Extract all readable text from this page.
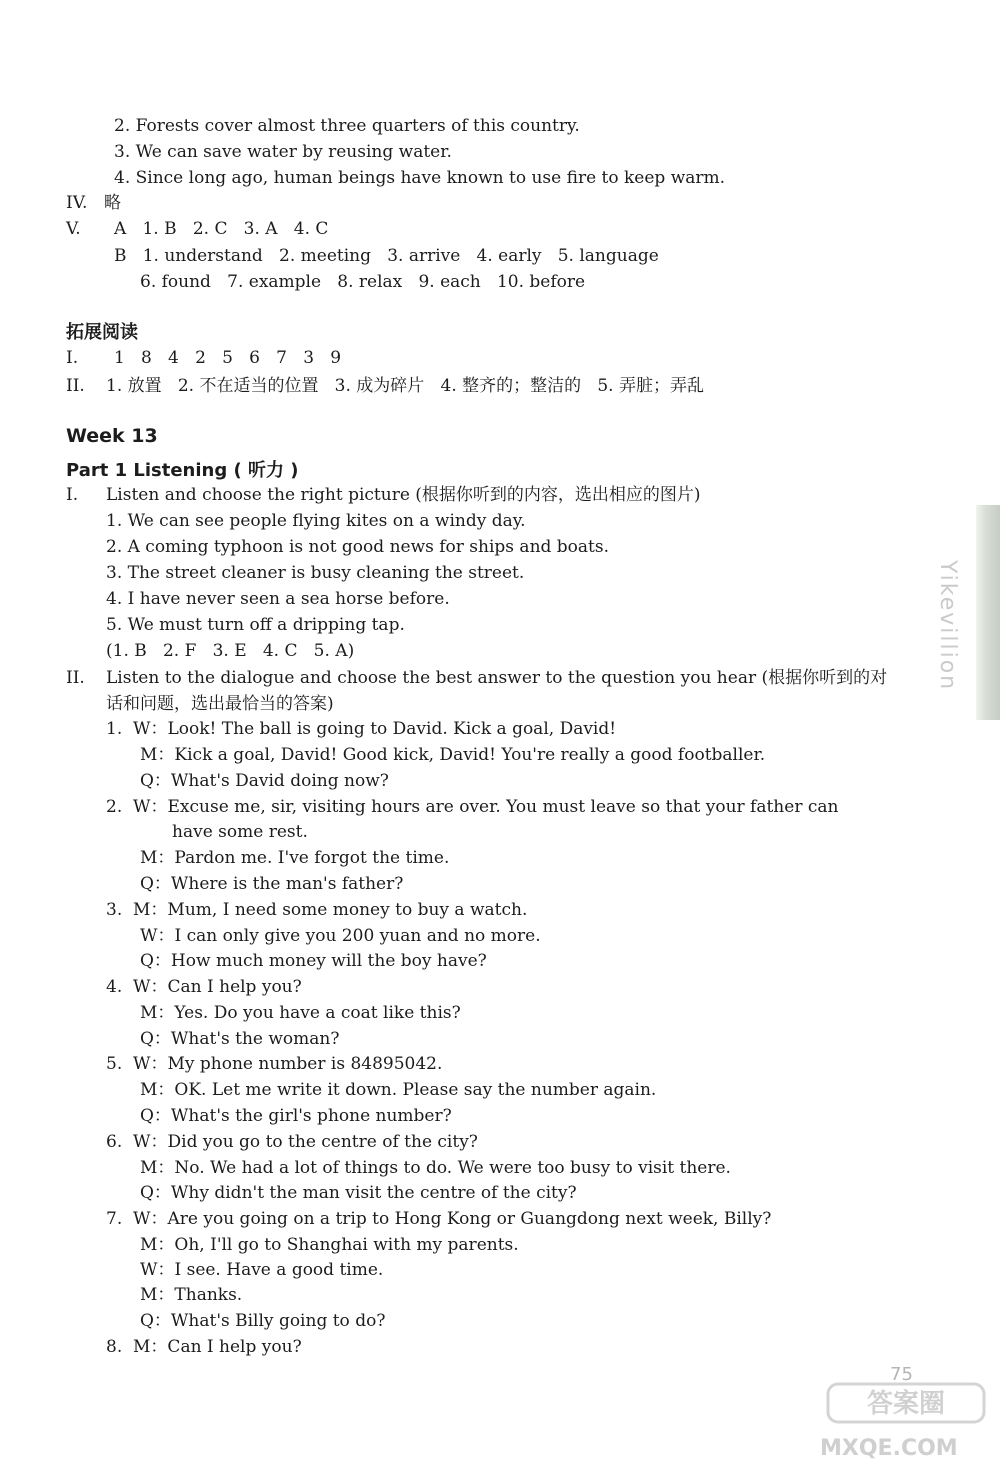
2. Forests cover almost three quarters of this country.
3. We can save water by reusing water.
4. Since long ago, human beings have known to use fire to keep warm.
IV. 略
V. A   1. B   2. C   3. A   4. C
B   1. understand   2. meeting   3. arrive   4. early   5. language
6. found   7. example   8. relax   9. each   10. before
拓展阅读
I. 1   8   4   2   5   6   7   3   9
II. 1. 放置   2. 不在适当的位置   3. 成为碎片   4. 整齐的；整洁的   5. 弄脏；弄乱
Week 13
Part 1 Listening ( 听力 )
I. Listen and choose the right picture (根据你听到的内容，选出相应的图片)
1. We can see people flying kites on a windy day.
2. A coming typhoon is not good news for ships and boats.
3. The street cleaner is busy cleaning the street.
4. I have never seen a sea horse before.
5. We must turn off a dripping tap.
(1. B   2. F   3. E   4. C   5. A)
II. Listen to the dialogue and choose the best answer to the question you hear (根据你听到的对
话和问题，选出最恰当的答案)
1.  W：Look! The ball is going to David. Kick a goal, David!
M：Kick a goal, David! Good kick, David! You're really a good footballer.
Q：What's David doing now?
2.  W：Excuse me, sir, visiting hours are over. You must leave so that your father can
have some rest.
M：Pardon me. I've forgot the time.
Q：Where is the man's father?
3.  M：Mum, I need some money to buy a watch.
W：I can only give you 200 yuan and no more.
Q：How much money will the boy have?
4.  W：Can I help you?
M：Yes. Do you have a coat like this?
Q：What's the woman?
5.  W：My phone number is 84895042.
M：OK. Let me write it down. Please say the number again.
Q：What's the girl's phone number?
6.  W：Did you go to the centre of the city?
M：No. We had a lot of things to do. We were too busy to visit there.
Q：Why didn't the man visit the centre of the city?
7.  W：Are you going on a trip to Hong Kong or Guangdong next week, Billy?
M：Oh, I'll go to Shanghai with my parents.
W：I see. Have a good time.
M：Thanks.
Q：What's Billy going to do?
8.  M：Can I help you?
Yikevillion
75
答案圈
MXQE.COM
